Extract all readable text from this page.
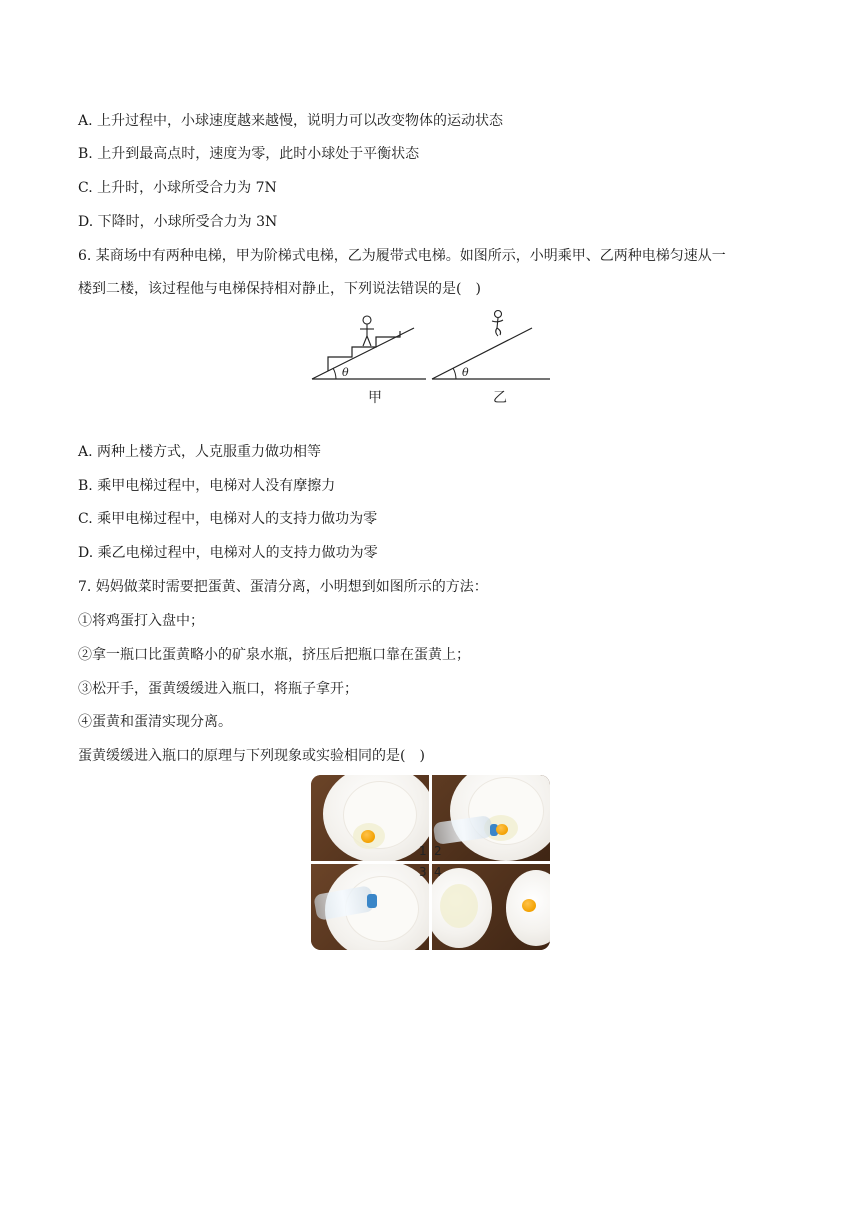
A. 上升过程中，小球速度越来越慢，说明力可以改变物体的运动状态
B. 上升到最高点时，速度为零，此时小球处于平衡状态
C. 上升时，小球所受合力为 7N
D. 下降时，小球所受合力为 3N
6. 某商场中有两种电梯，甲为阶梯式电梯，乙为履带式电梯。如图所示，小明乘甲、乙两种电梯匀速从一
楼到二楼，该过程他与电梯保持相对静止，下列说法错误的是(　)
θ
甲
θ
乙
A. 两种上楼方式，人克服重力做功相等
B. 乘甲电梯过程中，电梯对人没有摩擦力
C. 乘甲电梯过程中，电梯对人的支持力做功为零
D. 乘乙电梯过程中，电梯对人的支持力做功为零
7. 妈妈做菜时需要把蛋黄、蛋清分离，小明想到如图所示的方法：
①将鸡蛋打入盘中；
②拿一瓶口比蛋黄略小的矿泉水瓶，挤压后把瓶口靠在蛋黄上；
③松开手，蛋黄缓缓进入瓶口，将瓶子拿开；
④蛋黄和蛋清实现分离。
蛋黄缓缓进入瓶口的原理与下列现象或实验相同的是(　)
1 2
3 4
